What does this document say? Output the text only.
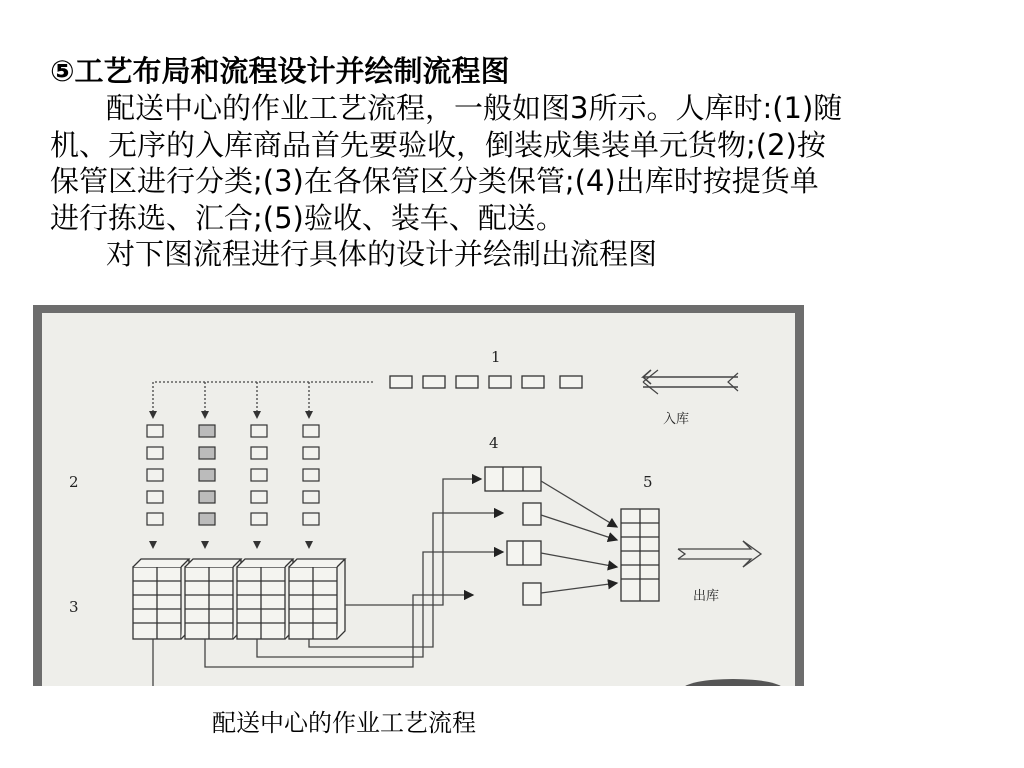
⑤工艺布局和流程设计并绘制流程图
配送中心的作业工艺流程，一般如图3所示。人库时:(1)随
机、无序的入库商品首先要验收，倒装成集装单元货物;(2)按
保管区进行分类;(3)在各保管区分类保管;(4)出库时按提货单
进行拣选、汇合;(5)验收、装车、配送。
对下图流程进行具体的设计并绘制出流程图
1
2
3
4
5
入库
出库
配送中心的作业工艺流程
